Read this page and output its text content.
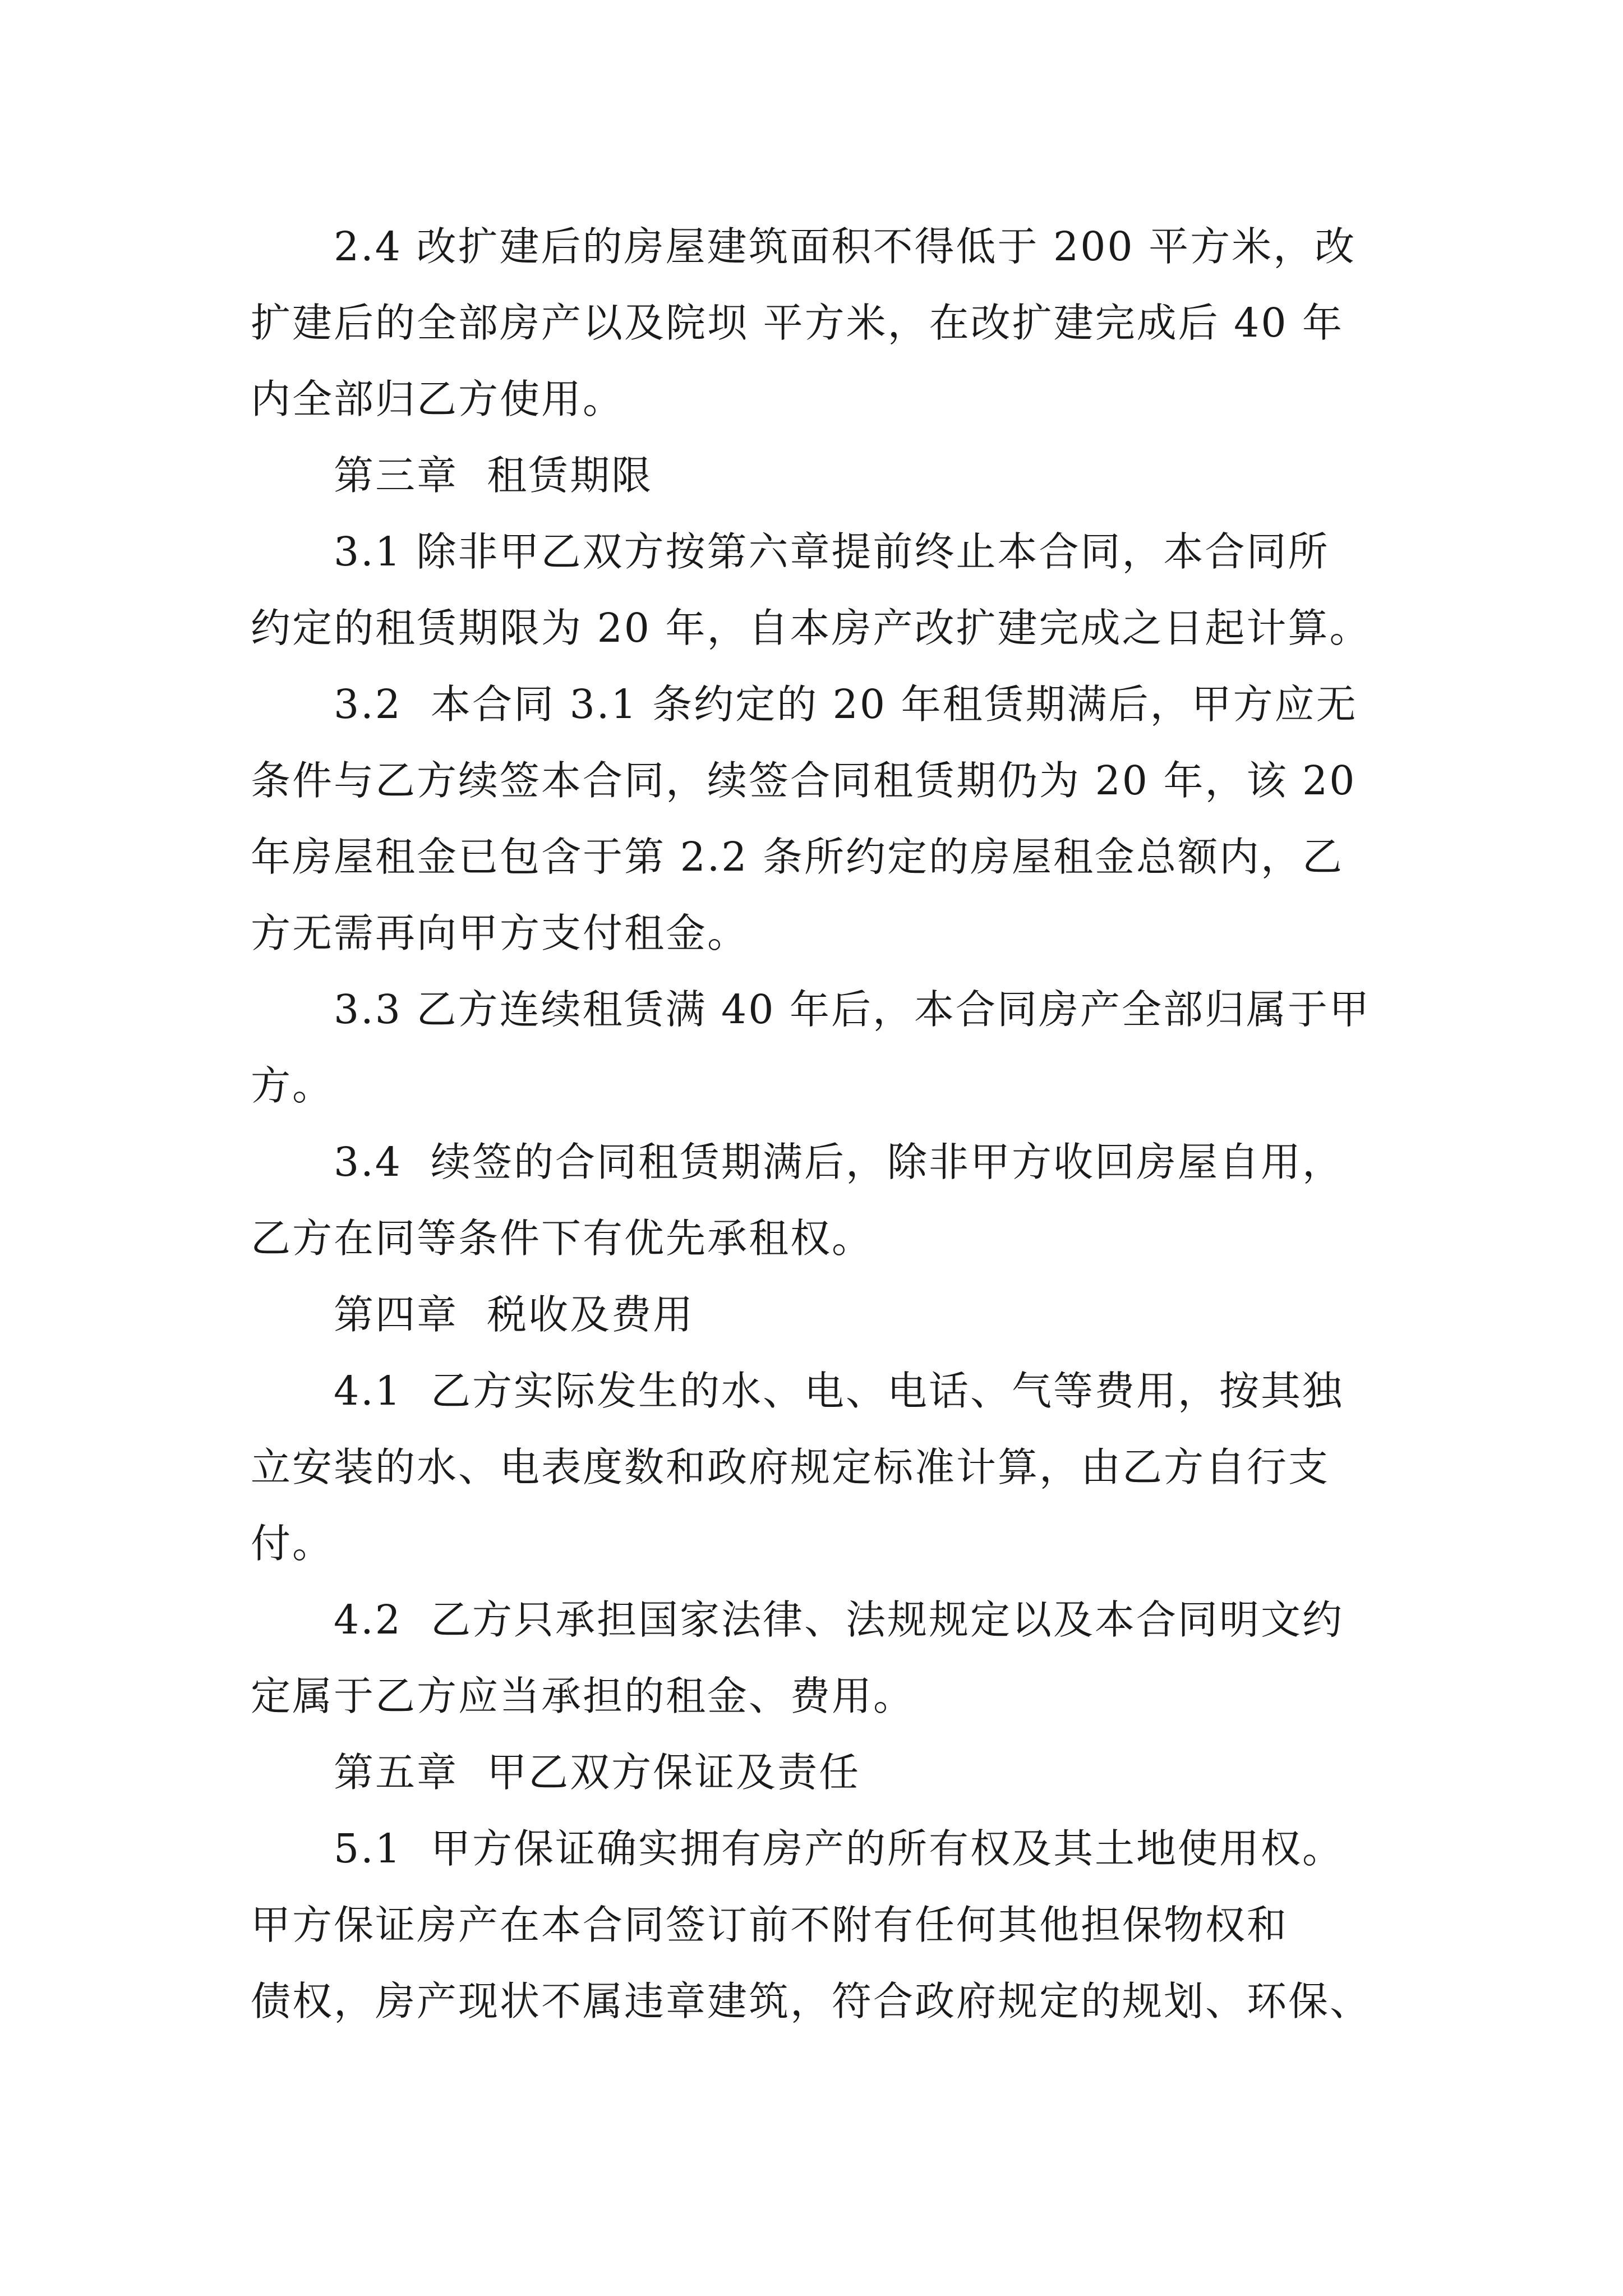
2.4 改扩建后的房屋建筑面积不得低于 200 平方米，改
扩建后的全部房产以及院坝 平方米，在改扩建完成后 40 年
内全部归乙方使用。
第三章  租赁期限
3.1 除非甲乙双方按第六章提前终止本合同，本合同所
约定的租赁期限为 20 年，自本房产改扩建完成之日起计算。
3.2  本合同 3.1 条约定的 20 年租赁期满后，甲方应无
条件与乙方续签本合同，续签合同租赁期仍为 20 年，该 20
年房屋租金已包含于第 2.2 条所约定的房屋租金总额内，乙
方无需再向甲方支付租金。
3.3 乙方连续租赁满 40 年后，本合同房产全部归属于甲
方。
3.4  续签的合同租赁期满后，除非甲方收回房屋自用，
乙方在同等条件下有优先承租权。
第四章  税收及费用
4.1  乙方实际发生的水、电、电话、气等费用，按其独
立安装的水、电表度数和政府规定标准计算，由乙方自行支
付。
4.2  乙方只承担国家法律、法规规定以及本合同明文约
定属于乙方应当承担的租金、费用。
第五章  甲乙双方保证及责任
5.1  甲方保证确实拥有房产的所有权及其土地使用权。
甲方保证房产在本合同签订前不附有任何其他担保物权和
债权，房产现状不属违章建筑，符合政府规定的规划、环保、
